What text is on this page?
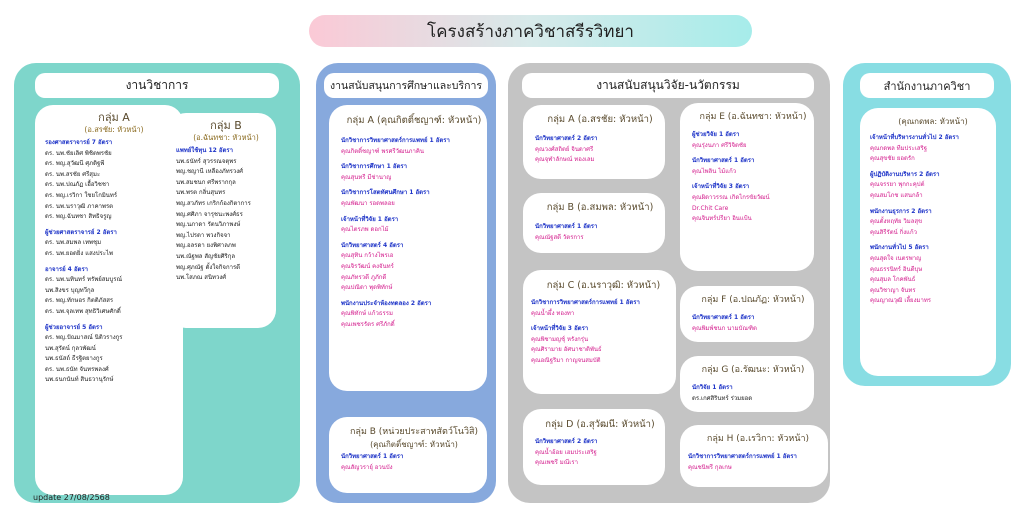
โครงสร้างภาควิชาสรีรวิทยา
งานวิชาการ
กลุ่ม A
(อ.สรชัย: หัวหน้า)
รองศาสตราจารย์ 7 อัตรา
ดร. นพ.ชัยเลิศ พิชิตพรชัย
ดร. พญ.สุวัฒนี ศุภดิฐพี
ดร. นพ.สรชัย ศรีสุมะ
ดร. นพ.ปณภัฏ เอื้อวิชชา
ดร. พญ.เรวิกา ใชยโกมินทร์
ดร. นพ.นราวุฒิ ภาคาพรต
ดร. พญ.ฉันทชา สิทธิจรูญ
ผู้ช่วยศาสตราจารย์ 2 อัตรา
ดร. นพ.สมพล เทพชุม
ดร. นพ.ยอดยิ่ง แสงประไพ
อาจารย์ 4 อัตรา
ดร. นพ.นทินทร์ ทรัพย์สมบูรณ์
นพ.สิงขร บุญทวีกุล
ดร. พญ.ทักษอร กิตติภัสสร
ดร. นพ.จุลเทพ สุทธิวิเศษศักดิ์
ผู้ช่วยอาจารย์ 5 อัตรา
ดร. พญ.ปัณมาสณ์ นิติวรางกูร
นพ.สุรัตน์ กุลวพัฒน์
นพ.ธนัสถ์ ธีรฐิตยางกูร
ดร. นพ.ธนัท จันทรพลงศ์
นพ.ธนกนันท์ สินธวานุรักษ์
กลุ่ม B
(อ.ฉันทชา: หัวหน้า)
แพทย์ใช้ทุน 12 อัตรา
นพ.ธนัทร์ สุวรรณจตุพร
พญ.ชญานี เหลืองภัทรวงศ์
นพ.สมชนก ศรีพรากกุล
นพ.พรต กลิ่นสุนทร
พญ.สวภัทร เกริกก้องกิตาการ
พญ.ศศิภา จารุชนะพงศ์ธร
พญ.นภาดา รัตนวิภาพงษ์
พญ.ไปรดา พวงกิจจา
พญ.อลรดา ยงพิศาลภพ
นพ.ณัฐพล สัญชัยศิริกุล
พญ.ศุภณัฐ ตั้งใจกิจการดี
นพ.โสภณ สนิทวงศ์
งานสนับสนุนการศึกษาและบริการ
กลุ่ม A (คุณกิตติ์ชญาฑ์: หัวหน้า)
นักวิชาการวิทยาศาสตร์การแพทย์ 1 อัตรา
คุณกิตติ์ชญาฑ์ พรศรีวัฒนภาคิน
นักวิชาการศึกษา 1 อัตรา
คุณสุนทรี มีช่านาญ
นักวิชาการโสตทัศนศึกษา 1 อัตรา
คุณพัฒนา รอดพลอย
เจ้าหน้าที่วิจัย 1 อัตรา
คุณไตรภพ ดอกไม้
นักวิทยาศาสตร์ 4 อัตรา
คุณสุทิน กว้างไพรเอ
คุณจิรวัฒน์ คงจันทร์
คุณภัทรวดี ภูภักดี
คุณปณิดา พุดพิทักษ์
พนักงานประจำห้องทดลอง 2 อัตรา
คุณพิทักษ์ แก้วธรรม
คุณเพชรรัตร ศรีภักดิ์
กลุ่ม B (หน่วยประสาทสัตว์โนวิสิ)
(คุณกิตติ์ชญาฑ์: หัวหน้า)
นักวิทยาศาสตร์ 1 อัตรา
คุณสัญวรายุ์ อวนบัง
งานสนับสนุนวิจัย-นวัตกรรม
กลุ่ม A (อ.สรชัย: หัวหน้า)
นักวิทยาศาสตร์ 2 อัตรา
คุณวงศ์สถิตย์ จินดาศรี
คุณจุฬาลักษณ์ ทองเลม
กลุ่ม B (อ.สมพล: หัวหน้า)
นักวิทยาศาสตร์ 1 อัตรา
คุณณัฐสดี วัตรการ
กลุ่ม C (อ.นราวุฒิ: หัวหน้า)
นักวิชาการวิทยาศาสตร์การแพทย์ 1 อัตรา
คุณน้ำผึ้ง ทองทา
เจ้าหน้าที่วิจัย 3 อัตรา
คุณพิชามญชุ์ หรังกรุ่น
คุณศิรามาย อัศนาชาติพันธ์
คุณอณิฐริมา กาญจนสมบัติ
กลุ่ม D (อ.สุวัฒนี: หัวหน้า)
นักวิทยาศาสตร์ 2 อัตรา
คุณน้ำอ้อย เฮมประเสริฐ
คุณเพชรี มณีเรา
กลุ่ม E (อ.ฉันทชา: หัวหน้า)
ผู้ช่วยวิจัย 1 อัตรา
คุณรุ่งนภา ศรีวิจิตชัย
นักวิทยาศาสตร์ 1 อัตรา
คุณไพลิน ไม้แก้ว
เจ้าหน้าที่วิจัย 3 อัตรา
คุณผิดาวรรณ เกิดไกรขัยวัฒน์
Dr.Chit Care
คุณจินทร์ปรียา อินแป้น
กลุ่ม F (อ.ปณภัฏ: หัวหน้า)
นักวิทยาศาสตร์ 1 อัตรา
คุณพิมพ์ชนก นามบัณฑิต
กลุ่ม G (อ.รัฒนะ: หัวหน้า)
นักวิจัย 1 อัตรา
ดร.เกศสิรินทร์ ร่วมยอด
กลุ่ม H (อ.เรวิกา: หัวหน้า)
นักวิชาการวิทยาศาสตร์การแพทย์ 1 อัตรา
คุณชนิพรี กุลเกษ
สำนักงานภาควิชา
(คุณกดพล: หัวหน้า)
เจ้าหน้าที่บริหารงานทั่วไป 2 อัตรา
คุณกดพล ทีมประเสริฐ
คุณสุขชัย ยอดรัก
ผู้ปฏิบัติงานบริหาร 2 อัตรา
คุณจรรยา พุกกะคุปต์
คุณสมโภช แสนกล้า
พนักงานธุรการ 2 อัตรา
คุณตั้งหฤทัย วิมลสุข
คุณสิรีรัตน์ กิ่งแก้ว
พนักงานทั่วไป 5 อัตรา
คุณสุดใจ เนตรพาญ
คุณธรรนิทร์ อินดีบุษ
คุณสุมล โกคพันธ์
คุณวิชาญา จันทร
คุณญาณวุฒิ เลี้ยงมาทร
update 27/08/2568
